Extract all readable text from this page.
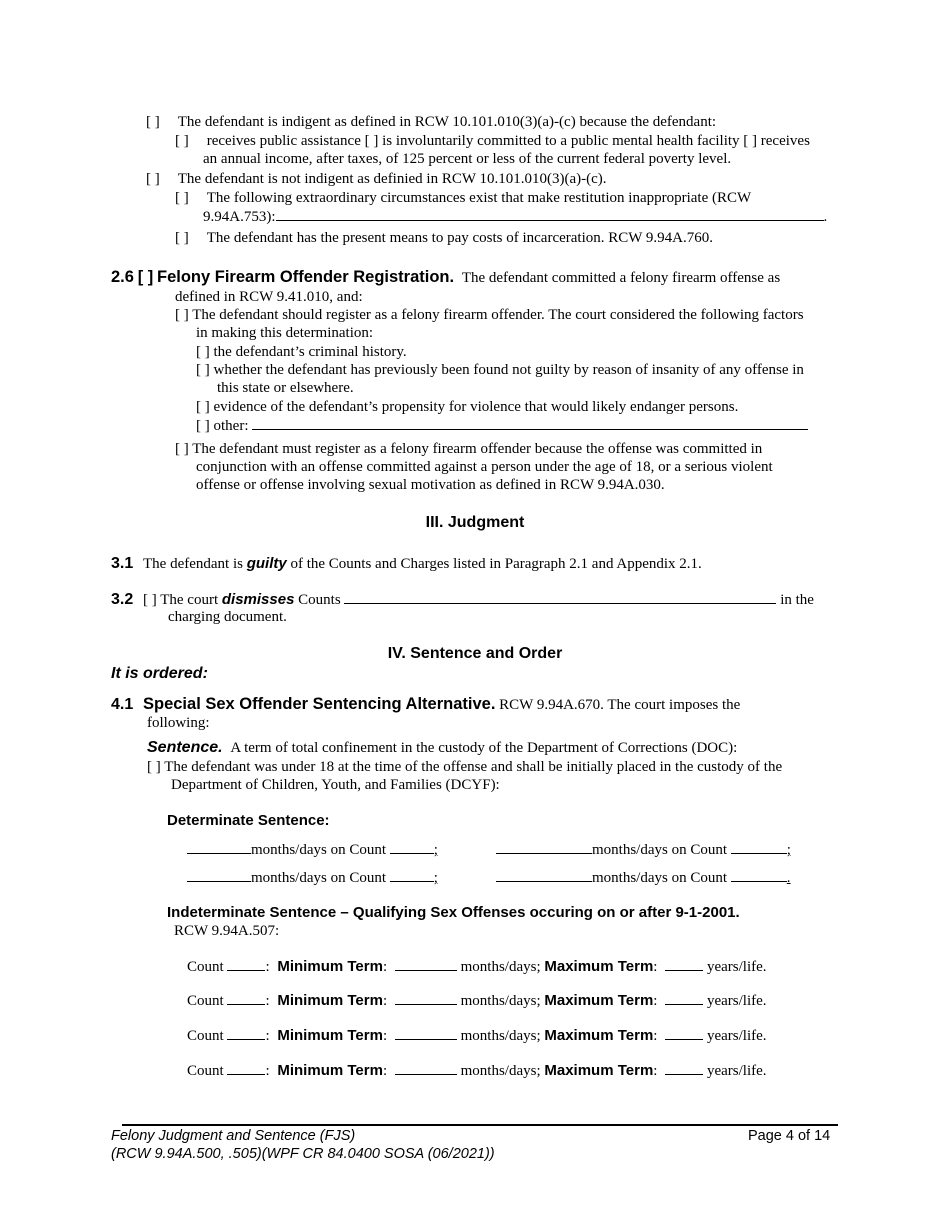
[ ] The defendant is indigent as defined in RCW 10.101.010(3)(a)-(c) because the defendant:
[ ] receives public assistance [ ] is involuntarily committed to a public mental health facility [ ] receives
an annual income, after taxes, of 125 percent or less of the current federal poverty level.
[ ] The defendant is not indigent as definied in RCW 10.101.010(3)(a)-(c).
[ ] The following extraordinary circumstances exist that make restitution inappropriate (RCW
9.94A.753):	.
[ ] The defendant has the present means to pay costs of incarceration. RCW 9.94A.760.
2.6 [ ] Felony Firearm Offender Registration. The defendant committed a felony firearm offense as
defined in RCW 9.41.010, and:
[ ] The defendant should register as a felony firearm offender. The court considered the following factors
in making this determination:
[ ] the defendant’s criminal history.
[ ] whether the defendant has previously been found not guilty by reason of insanity of any offense in
this state or elsewhere.
[ ] evidence of the defendant’s propensity for violence that would likely endanger persons.
[ ] other:
[ ] The defendant must register as a felony firearm offender because the offense was committed in
conjunction with an offense committed against a person under the age of 18, or a serious violent
offense or offense involving sexual motivation as defined in RCW 9.94A.030.
III. Judgment
3.1 The defendant is guilty of the Counts and Charges listed in Paragraph 2.1 and Appendix 2.1.
3.2 [ ] The court dismisses Counts	in the
charging document.
IV. Sentence and Order
It is ordered:
4.1 Special Sex Offender Sentencing Alternative. RCW 9.94A.670. The court imposes the
following:
Sentence. A term of total confinement in the custody of the Department of Corrections (DOC):
[ ] The defendant was under 18 at the time of the offense and shall be initially placed in the custody of the
Department of Children, Youth, and Families (DCYF):
Determinate Sentence:
months/days on Count	;	months/days on Count	;
months/days on Count	;	months/days on Count	.
Indeterminate Sentence – Qualifying Sex Offenses occuring on or after 9-1-2001.
RCW 9.94A.507:
Count	: Minimum Term:	months/days; Maximum Term:	years/life.
Count	: Minimum Term:	months/days; Maximum Term:	years/life.
Count	: Minimum Term:	months/days; Maximum Term:	years/life.
Count	: Minimum Term:	months/days; Maximum Term:	years/life.
Felony Judgment and Sentence (FJS)
(RCW 9.94A.500, .505)(WPF CR 84.0400 SOSA (06/2021))
Page 4 of 14
